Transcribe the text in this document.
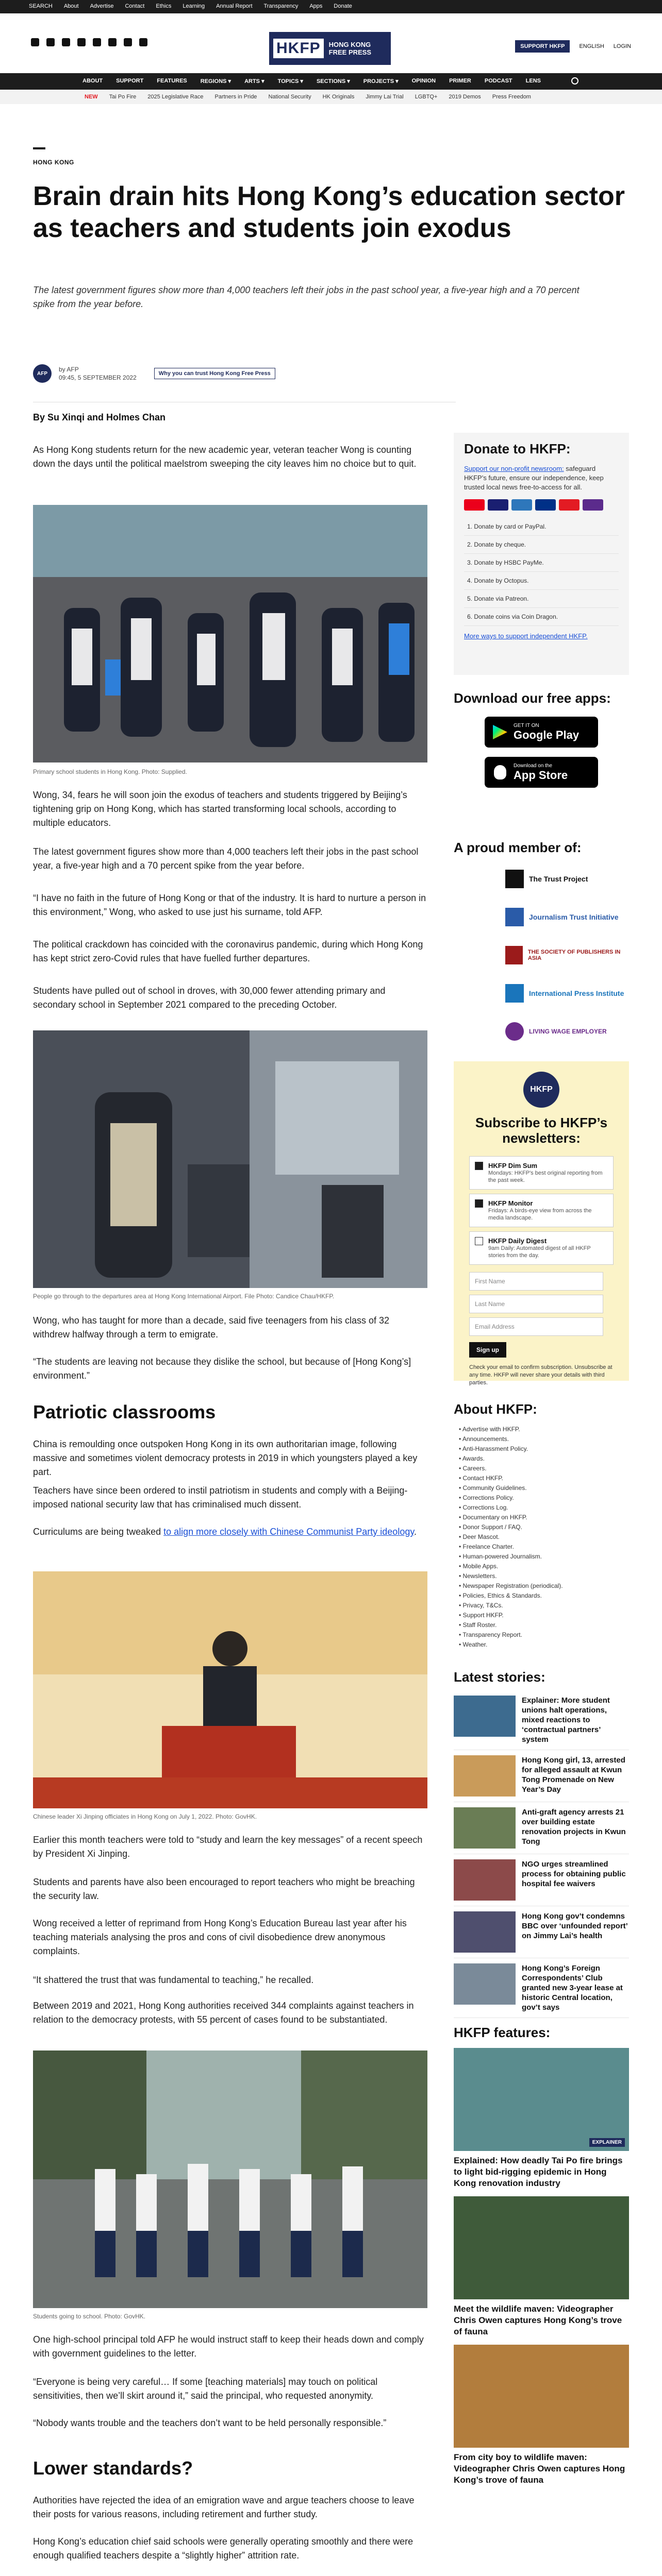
SEARCH About Advertise Contact Ethics Learning Annual Report Transparency Apps Donate
HKFP	HONG KONG
FREE PRESS
SUPPORT HKFP	ENGLISH LOGIN
ABOUT SUPPORT FEATURES REGIONS ▾ ARTS ▾ TOPICS ▾ SECTIONS ▾ PROJECTS ▾ OPINION PRIMER PODCAST LENS
NEW Tai Po Fire 2025 Legislative Race Partners in Pride National Security HK Originals Jimmy Lai Trial LGBTQ+ 2019 Demos Press Freedom
HONG KONG
Brain drain hits Hong Kong’s education sector as teachers and students join exodus

The latest government figures show more than 4,000 teachers left their jobs in the past school year, a five-year high and a 70 percent spike from the year before.

AFP
by AFP
09:45, 5 SEPTEMBER 2022
Why you can trust Hong Kong Free Press
By Su Xinqi and Holmes Chan

As Hong Kong students return for the new academic year, veteran teacher Wong is counting down the days until the political maelstrom sweeping the city leaves him no choice but to quit.

Primary school students in Hong Kong. Photo: Supplied.

Wong, 34, fears he will soon join the exodus of teachers and students triggered by Beijing’s tightening grip on Hong Kong, which has started transforming local schools, according to multiple educators.

The latest government figures show more than 4,000 teachers left their jobs in the past school year, a five-year high and a 70 percent spike from the year before.

“I have no faith in the future of Hong Kong or that of the industry. It is hard to nurture a person in this environment,” Wong, who asked to use just his surname, told AFP.

The political crackdown has coincided with the coronavirus pandemic, during which Hong Kong has kept strict zero-Covid rules that have fuelled further departures.

Students have pulled out of school in droves, with 30,000 fewer attending primary and secondary school in September 2021 compared to the preceding October.

People go through to the departures area at Hong Kong International Airport. File Photo: Candice Chau/HKFP.

Wong, who has taught for more than a decade, said five teenagers from his class of 32 withdrew halfway through a term to emigrate.

“The students are leaving not because they dislike the school, but because of [Hong Kong’s] environment.”

Patriotic classrooms

China is remoulding once outspoken Hong Kong in its own authoritarian image, following massive and sometimes violent democracy protests in 2019 in which youngsters played a key part.

Teachers have since been ordered to instil patriotism in students and comply with a Beijing-imposed national security law that has criminalised much dissent.

Curriculums are being tweaked to align more closely with Chinese Communist Party ideology.

Chinese leader Xi Jinping officiates in Hong Kong on July 1, 2022. Photo: GovHK.

Earlier this month teachers were told to “study and learn the key messages” of a recent speech by President Xi Jinping.

Students and parents have also been encouraged to report teachers who might be breaching the security law.

Wong received a letter of reprimand from Hong Kong’s Education Bureau last year after his teaching materials analysing the pros and cons of civil disobedience drew anonymous complaints.

“It shattered the trust that was fundamental to teaching,” he recalled.

Between 2019 and 2021, Hong Kong authorities received 344 complaints against teachers in relation to the democracy protests, with 55 percent of cases found to be substantiated.

Students going to school. Photo: GovHK.

One high-school principal told AFP he would instruct staff to keep their heads down and comply with government guidelines to the letter.

“Everyone is being very careful… If some [teaching materials] may touch on political sensitivities, then we’ll skirt around it,” said the principal, who requested anonymity.

“Nobody wants trouble and the teachers don’t want to be held personally responsible.”

Lower standards?

Authorities have rejected the idea of an emigration wave and argue teachers choose to leave their posts for various reasons, including retirement and further study.

Hong Kong’s education chief said schools were generally operating smoothly and there were enough qualified teachers despite a “slightly higher” attrition rate.

Donate to HKFP:
Support our non-profit newsroom: safeguard HKFP’s future, ensure our independence, keep trusted local news free-to-access for all.
1. Donate by card or PayPal.
2. Donate by cheque.
3. Donate by HSBC PayMe.
4. Donate by Octopus.
5. Donate via Patreon.
6. Donate coins via Coin Dragon.
More ways to support independent HKFP.
Download our free apps:
GET IT ON
Google Play
Download on the
App Store
A proud member of:
The Trust Project
Journalism Trust Initiative
THE SOCIETY OF PUBLISHERS IN ASIA
International Press Institute
LIVING WAGE EMPLOYER
HKFP
Subscribe to HKFP’s newsletters:
HKFP Dim Sum
Mondays: HKFP's best original reporting from the past week.
HKFP Monitor
Fridays: A birds-eye view from across the media landscape.
HKFP Daily Digest
9am Daily: Automated digest of all HKFP stories from the day.
First Name
Last Name
Email Address
Sign up
Check your email to confirm subscription. Unsubscribe at any time. HKFP will never share your details with third parties.
About HKFP:
• Advertise with HKFP.
• Announcements.
• Anti-Harassment Policy.
• Awards.
• Careers.
• Contact HKFP.
• Community Guidelines.
• Corrections Policy.
• Corrections Log.
• Documentary on HKFP.
• Donor Support / FAQ.
• Deer Mascot.
• Freelance Charter.
• Human-powered Journalism.
• Mobile Apps.
• Newsletters.
• Newspaper Registration (periodical).
• Policies, Ethics & Standards.
• Privacy, T&Cs.
• Support HKFP.
• Staff Roster.
• Transparency Report.
• Weather.
Latest stories:
Explainer: More student unions halt operations, mixed reactions to ‘contractual partners’ system
Hong Kong girl, 13, arrested for alleged assault at Kwun Tong Promenade on New Year’s Day
Anti-graft agency arrests 21 over building estate renovation projects in Kwun Tong
NGO urges streamlined process for obtaining public hospital fee waivers
Hong Kong gov’t condemns BBC over ‘unfounded report’ on Jimmy Lai’s health
Hong Kong’s Foreign Correspondents’ Club granted new 3-year lease at historic Central location, gov’t says
HKFP features:
EXPLAINER
Explained: How deadly Tai Po fire brings to light bid-rigging epidemic in Hong Kong renovation industry
Meet the wildlife maven: Videographer Chris Owen captures Hong Kong’s trove of fauna
From city boy to wildlife maven: Videographer Chris Owen captures Hong Kong’s trove of fauna
